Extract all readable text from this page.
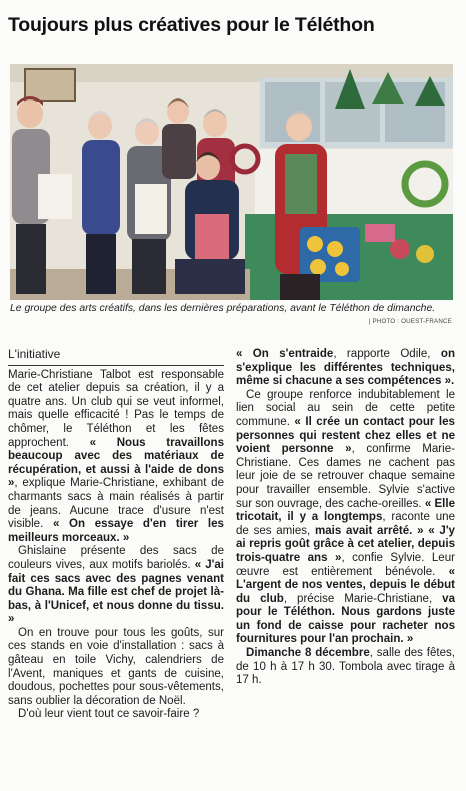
Toujours plus créatives pour le Téléthon
Le groupe des arts créatifs, dans les dernières préparations, avant le Téléthon de dimanche.
| PHOTO : OUEST-FRANCE
L'initiative

Marie-Christiane Talbot est responsable de cet atelier depuis sa création, il y a quatre ans. Un club qui se veut informel, mais quelle efficacité ! Pas le temps de chômer, le Téléthon et les fêtes approchent. « Nous travaillons beaucoup avec des matériaux de récupération, et aussi à l'aide de dons », explique Marie-Christiane, exhibant de charmants sacs à main réalisés à partir de jeans. Aucune trace d'usure n'est visible. « On essaye d'en tirer les meilleurs morceaux. »

Ghislaine présente des sacs de couleurs vives, aux motifs bariolés. « J'ai fait ces sacs avec des pagnes venant du Ghana. Ma fille est chef de projet là-bas, à l'Unicef, et nous donne du tissu. »

On en trouve pour tous les goûts, sur ces stands en voie d'installation : sacs à gâteau en toile Vichy, calendriers de l'Avent, maniques et gants de cuisine, doudous, pochettes pour sous-vêtements, sans oublier la décoration de Noël.

D'où leur vient tout ce savoir-faire ?

« On s'entraide, rapporte Odile, on s'explique les différentes techniques, même si chacune a ses compétences ».

Ce groupe renforce indubitablement le lien social au sein de cette petite commune. « Il crée un contact pour les personnes qui restent chez elles et ne voient personne », confirme Marie-Christiane. Ces dames ne cachent pas leur joie de se retrouver chaque semaine pour travailler ensemble. Sylvie s'active sur son ouvrage, des cache-oreilles. « Elle tricotait, il y a longtemps, raconte une de ses amies, mais avait arrêté. » « J'y ai repris goût grâce à cet atelier, depuis trois-quatre ans », confie Sylvie. Leur œuvre est entièrement bénévole. « L'argent de nos ventes, depuis le début du club, précise Marie-Christiane, va pour le Téléthon. Nous gardons juste un fond de caisse pour racheter nos fournitures pour l'an prochain. »

Dimanche 8 décembre, salle des fêtes, de 10 h à 17 h 30. Tombola avec tirage à 17 h.
